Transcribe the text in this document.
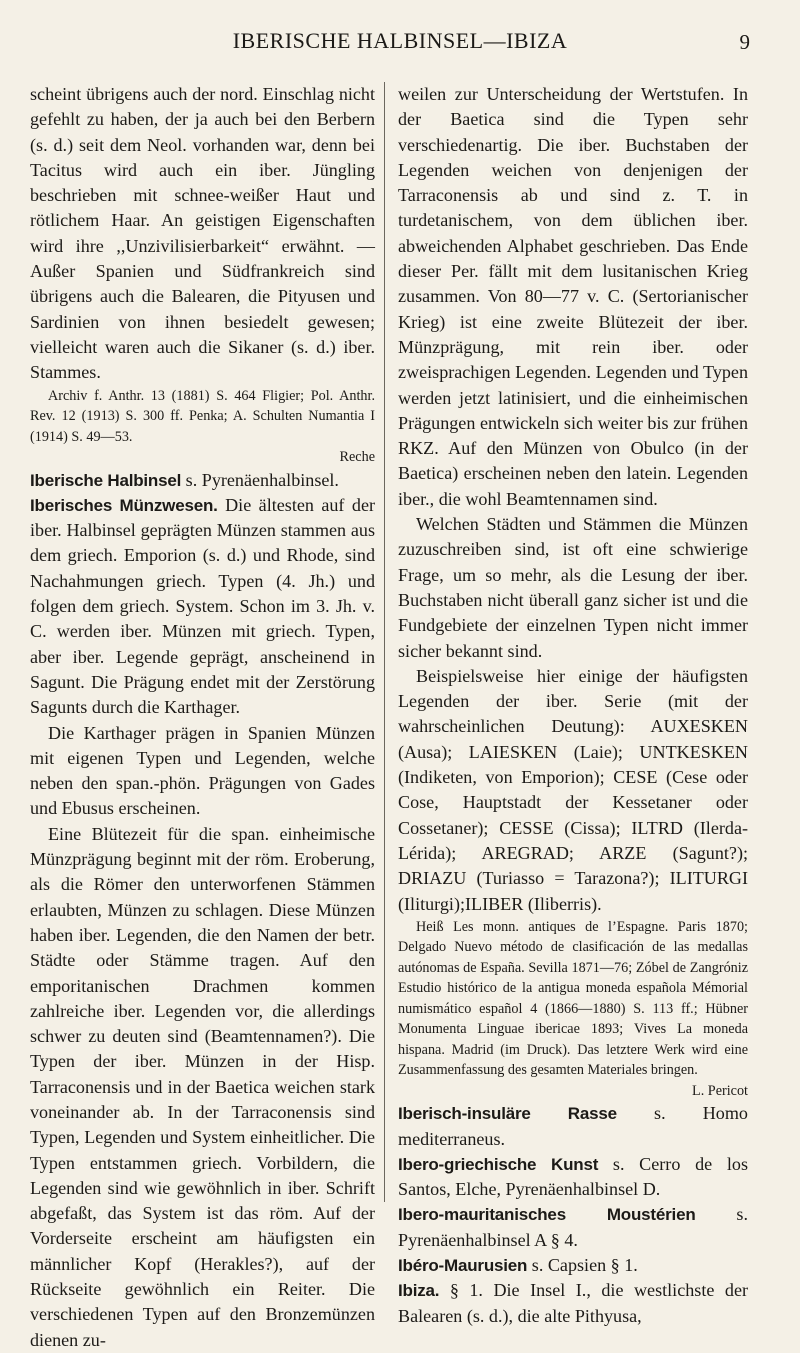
IBERISCHE HALBINSEL—IBIZA	9

scheint übrigens auch der nord. Einschlag nicht gefehlt zu haben, der ja auch bei den Berbern (s. d.) seit dem Neol. vorhanden war, denn bei Tacitus wird auch ein iber. Jüngling beschrieben mit schnee-weißer Haut und rötlichem Haar. An geistigen Eigenschaften wird ihre ,,Unzivilisierbarkeit“ erwähnt. — Außer Spanien und Südfrankreich sind übrigens auch die Balearen, die Pityusen und Sardinien von ihnen besiedelt gewesen; vielleicht waren auch die Sikaner (s. d.) iber. Stammes.

Archiv f. Anthr. 13 (1881) S. 464 Fligier; Pol. Anthr. Rev. 12 (1913) S. 300 ff. Penka; A. Schulten Numantia I (1914) S. 49—53.

Reche

Iberische Halbinsel s. Pyrenäenhalbinsel.

Iberisches Münzwesen. Die ältesten auf der iber. Halbinsel geprägten Münzen stammen aus dem griech. Emporion (s. d.) und Rhode, sind Nachahmungen griech. Typen (4. Jh.) und folgen dem griech. System. Schon im 3. Jh. v. C. werden iber. Münzen mit griech. Typen, aber iber. Legende geprägt, anscheinend in Sagunt. Die Prägung endet mit der Zerstörung Sagunts durch die Karthager.

Die Karthager prägen in Spanien Münzen mit eigenen Typen und Legenden, welche neben den span.-phön. Prägungen von Gades und Ebusus erscheinen.

Eine Blütezeit für die span. einheimische Münzprägung beginnt mit der röm. Eroberung, als die Römer den unterworfenen Stämmen erlaubten, Münzen zu schlagen. Diese Münzen haben iber. Legenden, die den Namen der betr. Städte oder Stämme tragen. Auf den emporitanischen Drachmen kommen zahlreiche iber. Legenden vor, die allerdings schwer zu deuten sind (Beamtennamen?). Die Typen der iber. Münzen in der Hisp. Tarraconensis und in der Baetica weichen stark voneinander ab. In der Tarraconensis sind Typen, Legenden und System einheitlicher. Die Typen entstammen griech. Vorbildern, die Legenden sind wie gewöhnlich in iber. Schrift abgefaßt, das System ist das röm. Auf der Vorderseite erscheint am häufigsten ein männlicher Kopf (Herakles?), auf der Rückseite gewöhnlich ein Reiter. Die verschiedenen Typen auf den Bronzemünzen dienen zu-

weilen zur Unterscheidung der Wertstufen. In der Baetica sind die Typen sehr verschiedenartig. Die iber. Buchstaben der Legenden weichen von denjenigen der Tarraconensis ab und sind z. T. in turdetanischem, von dem üblichen iber. abweichenden Alphabet geschrieben. Das Ende dieser Per. fällt mit dem lusitanischen Krieg zusammen. Von 80—77 v. C. (Sertorianischer Krieg) ist eine zweite Blütezeit der iber. Münzprägung, mit rein iber. oder zweisprachigen Legenden. Legenden und Typen werden jetzt latinisiert, und die einheimischen Prägungen entwickeln sich weiter bis zur frühen RKZ. Auf den Münzen von Obulco (in der Baetica) erscheinen neben den latein. Legenden iber., die wohl Beamtennamen sind.

Welchen Städten und Stämmen die Münzen zuzuschreiben sind, ist oft eine schwierige Frage, um so mehr, als die Lesung der iber. Buchstaben nicht überall ganz sicher ist und die Fundgebiete der einzelnen Typen nicht immer sicher bekannt sind.

Beispielsweise hier einige der häufigsten Legenden der iber. Serie (mit der wahrscheinlichen Deutung): AUXESKEN (Ausa); LAIESKEN (Laie); UNTKESKEN (Indiketen, von Emporion); CESE (Cese oder Cose, Hauptstadt der Kessetaner oder Cossetaner); CESSE (Cissa); ILTRD (Ilerda-Lérida); AREGRAD; ARZE (Sagunt?); DRIAZU (Turiasso = Tarazona?); ILITURGI (Iliturgi);ILIBER (Iliberris).

Heiß Les monn. antiques de l’Espagne. Paris 1870; Delgado Nuevo método de clasificación de las medallas autónomas de España. Sevilla 1871—76; Zóbel de Zangróniz Estudio histórico de la antigua moneda española Mémorial numismático español 4 (1866—1880) S. 113 ff.; Hübner Monumenta Linguae ibericae 1893; Vives La moneda hispana. Madrid (im Druck). Das letztere Werk wird eine Zusammenfassung des gesamten Materiales bringen.

L. Pericot

Iberisch-insuläre Rasse s. Homo mediterraneus.

Ibero-griechische Kunst s. Cerro de los Santos, Elche, Pyrenäenhalbinsel D.

Ibero-mauritanisches Moustérien s. Pyrenäenhalbinsel A § 4.

Ibéro-Maurusien s. Capsien § 1.

Ibiza. § 1. Die Insel I., die westlichste der Balearen (s. d.), die alte Pithyusa,
